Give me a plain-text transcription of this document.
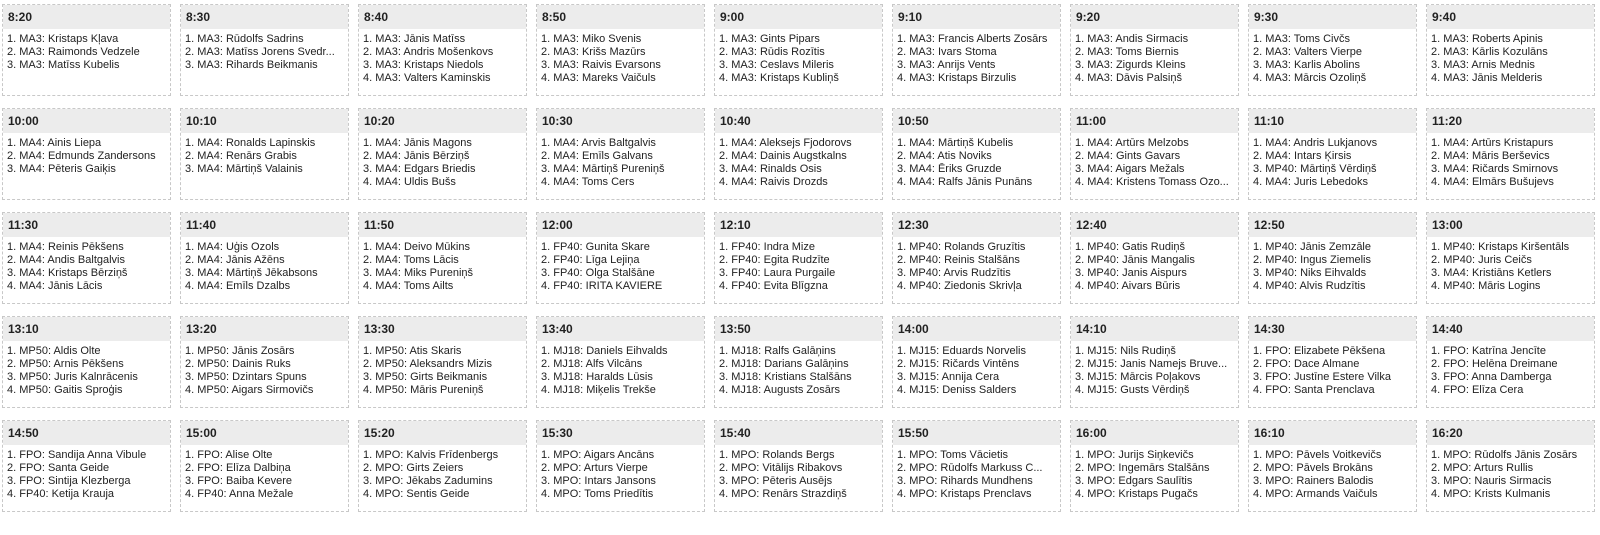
8:20
1. MA3: Kristaps Kļava
2. MA3: Raimonds Vedzele
3. MA3: Matīss Kubelis
8:30
1. MA3: Rūdolfs Sadrins
2. MA3: Matīss Jorens Svedr...
3. MA3: Rihards Beikmanis
8:40
1. MA3: Jānis Matīss
2. MA3: Andris Mošenkovs
3. MA3: Kristaps Niedols
4. MA3: Valters Kaminskis
8:50
1. MA3: Miko Svenis
2. MA3: Krišs Mazūrs
3. MA3: Raivis Evarsons
4. MA3: Mareks Vaičuls
9:00
1. MA3: Gints Pipars
2. MA3: Rūdis Rozītis
3. MA3: Ceslavs Mileris
4. MA3: Kristaps Kubliņš
9:10
1. MA3: Francis Alberts Zosārs
2. MA3: Ivars Stoma
3. MA3: Anrijs Vents
4. MA3: Kristaps Birzulis
9:20
1. MA3: Andis Sirmacis
2. MA3: Toms Biernis
3. MA3: Zigurds Kleins
4. MA3: Dāvis Palsiņš
9:30
1. MA3: Toms Civčs
2. MA3: Valters Vierpe
3. MA3: Karlis Abolins
4. MA3: Mārcis Ozoliņš
9:40
1. MA3: Roberts Apinis
2. MA3: Kārlis Kozulāns
3. MA3: Arnis Mednis
4. MA3: Jānis Melderis
10:00
1. MA4: Ainis Liepa
2. MA4: Edmunds Zandersons
3. MA4: Pēteris Gaiķis
10:10
1. MA4: Ronalds Lapinskis
2. MA4: Renārs Grabis
3. MA4: Mārtiņš Valainis
10:20
1. MA4: Jānis Magons
2. MA4: Jānis Bērziņš
3. MA4: Edgars Briedis
4. MA4: Uldis Bušs
10:30
1. MA4: Arvis Baltgalvis
2. MA4: Emīls Galvans
3. MA4: Mārtiņš Pureniņš
4. MA4: Toms Cers
10:40
1. MA4: Aleksejs Fjodorovs
2. MA4: Dainis Augstkalns
3. MA4: Rinalds Osis
4. MA4: Raivis Drozds
10:50
1. MA4: Mārtiņš Kubelis
2. MA4: Atis Noviks
3. MA4: Ēriks Gruzde
4. MA4: Ralfs Jānis Punāns
11:00
1. MA4: Artūrs Melzobs
2. MA4: Gints Gavars
3. MA4: Aigars Mežals
4. MA4: Kristens Tomass Ozo...
11:10
1. MA4: Andris Lukjanovs
2. MA4: Intars Ķirsis
3. MP40: Mārtiņš Vērdiņš
4. MA4: Juris Lebedoks
11:20
1. MA4: Artūrs Kristapurs
2. MA4: Māris Berševics
3. MA4: Ričards Smirnovs
4. MA4: Elmārs Bušujevs
11:30
1. MA4: Reinis Pēkšens
2. MA4: Andis Baltgalvis
3. MA4: Kristaps Bērziņš
4. MA4: Jānis Lācis
11:40
1. MA4: Uģis Ozols
2. MA4: Jānis Ažēns
3. MA4: Mārtiņš Jēkabsons
4. MA4: Emīls Dzalbs
11:50
1. MA4: Deivo Mūkins
2. MA4: Toms Lācis
3. MA4: Miks Pureniņš
4. MA4: Toms Ailts
12:00
1. FP40: Gunita Skare
2. FP40: Līga Lejiņa
3. FP40: Olga Stalšāne
4. FP40: IRITA KAVIERE
12:10
1. FP40: Indra Mize
2. FP40: Egita Rudzīte
3. FP40: Laura Purgaile
4. FP40: Evita Blīgzna
12:30
1. MP40: Rolands Gruzītis
2. MP40: Reinis Stalšāns
3. MP40: Arvis Rudzītis
4. MP40: Ziedonis Skrivļa
12:40
1. MP40: Gatis Rudiņš
2. MP40: Jānis Mangalis
3. MP40: Janis Aispurs
4. MP40: Aivars Būris
12:50
1. MP40: Jānis Zemzāle
2. MP40: Ingus Ziemelis
3. MP40: Niks Eihvalds
4. MP40: Alvis Rudzītis
13:00
1. MP40: Kristaps Kiršentāls
2. MP40: Juris Ceičs
3. MA4: Kristiāns Ketlers
4. MP40: Māris Logins
13:10
1. MP50: Aldis Olte
2. MP50: Arnis Pēkšens
3. MP50: Juris Kalnrācenis
4. MP50: Gaitis Sproģis
13:20
1. MP50: Jānis Zosārs
2. MP50: Dainis Ruks
3. MP50: Dzintars Spuns
4. MP50: Aigars Sirmovičs
13:30
1. MP50: Atis Skaris
2. MP50: Aleksandrs Mizis
3. MP50: Girts Beikmanis
4. MP50: Māris Pureniņš
13:40
1. MJ18: Daniels Eihvalds
2. MJ18: Alfs Vilcāns
3. MJ18: Haralds Lūsis
4. MJ18: Miķelis Trekše
13:50
1. MJ18: Ralfs Galāņins
2. MJ18: Darians Galāņins
3. MJ18: Kristians Stalšāns
4. MJ18: Augusts Zosārs
14:00
1. MJ15: Eduards Norvelis
2. MJ15: Ričards Vintēns
3. MJ15: Annija Cera
4. MJ15: Deniss Salders
14:10
1. MJ15: Nils Rudiņš
2. MJ15: Janis Namejs Bruve...
3. MJ15: Mārcis Poļakovs
4. MJ15: Gusts Vērdiņš
14:30
1. FPO: Elizabete Pēkšena
2. FPO: Dace Almane
3. FPO: Justīne Estere Vilka
4. FPO: Santa Prenclava
14:40
1. FPO: Katrīna Jencīte
2. FPO: Helēna Dreimane
3. FPO: Anna Damberga
4. FPO: Elīza Cera
14:50
1. FPO: Sandija Anna Vibule
2. FPO: Santa Geide
3. FPO: Sintija Klezberga
4. FP40: Ketija Krauja
15:00
1. FPO: Alise Olte
2. FPO: Elīza Dalbiņa
3. FPO: Baiba Kevere
4. FP40: Anna Mežale
15:20
1. MPO: Kalvis Frīdenbergs
2. MPO: Girts Zeiers
3. MPO: Jēkabs Zadumins
4. MPO: Sentis Geide
15:30
1. MPO: Aigars Ancāns
2. MPO: Arturs Vierpe
3. MPO: Intars Jansons
4. MPO: Toms Priedītis
15:40
1. MPO: Rolands Bergs
2. MPO: Vitālijs Ribakovs
3. MPO: Pēteris Ausējs
4. MPO: Renārs Strazdiņš
15:50
1. MPO: Toms Vācietis
2. MPO: Rūdolfs Markuss C...
3. MPO: Rihards Mundhens
4. MPO: Kristaps Prenclavs
16:00
1. MPO: Jurijs Siņkevičs
2. MPO: Ingemārs Stalšāns
3. MPO: Edgars Saulītis
4. MPO: Kristaps Pugačs
16:10
1. MPO: Pāvels Voitkevičs
2. MPO: Pāvels Brokāns
3. MPO: Rainers Balodis
4. MPO: Armands Vaičuls
16:20
1. MPO: Rūdolfs Jānis Zosārs
2. MPO: Arturs Rullis
3. MPO: Nauris Sirmacis
4. MPO: Krists Kulmanis
